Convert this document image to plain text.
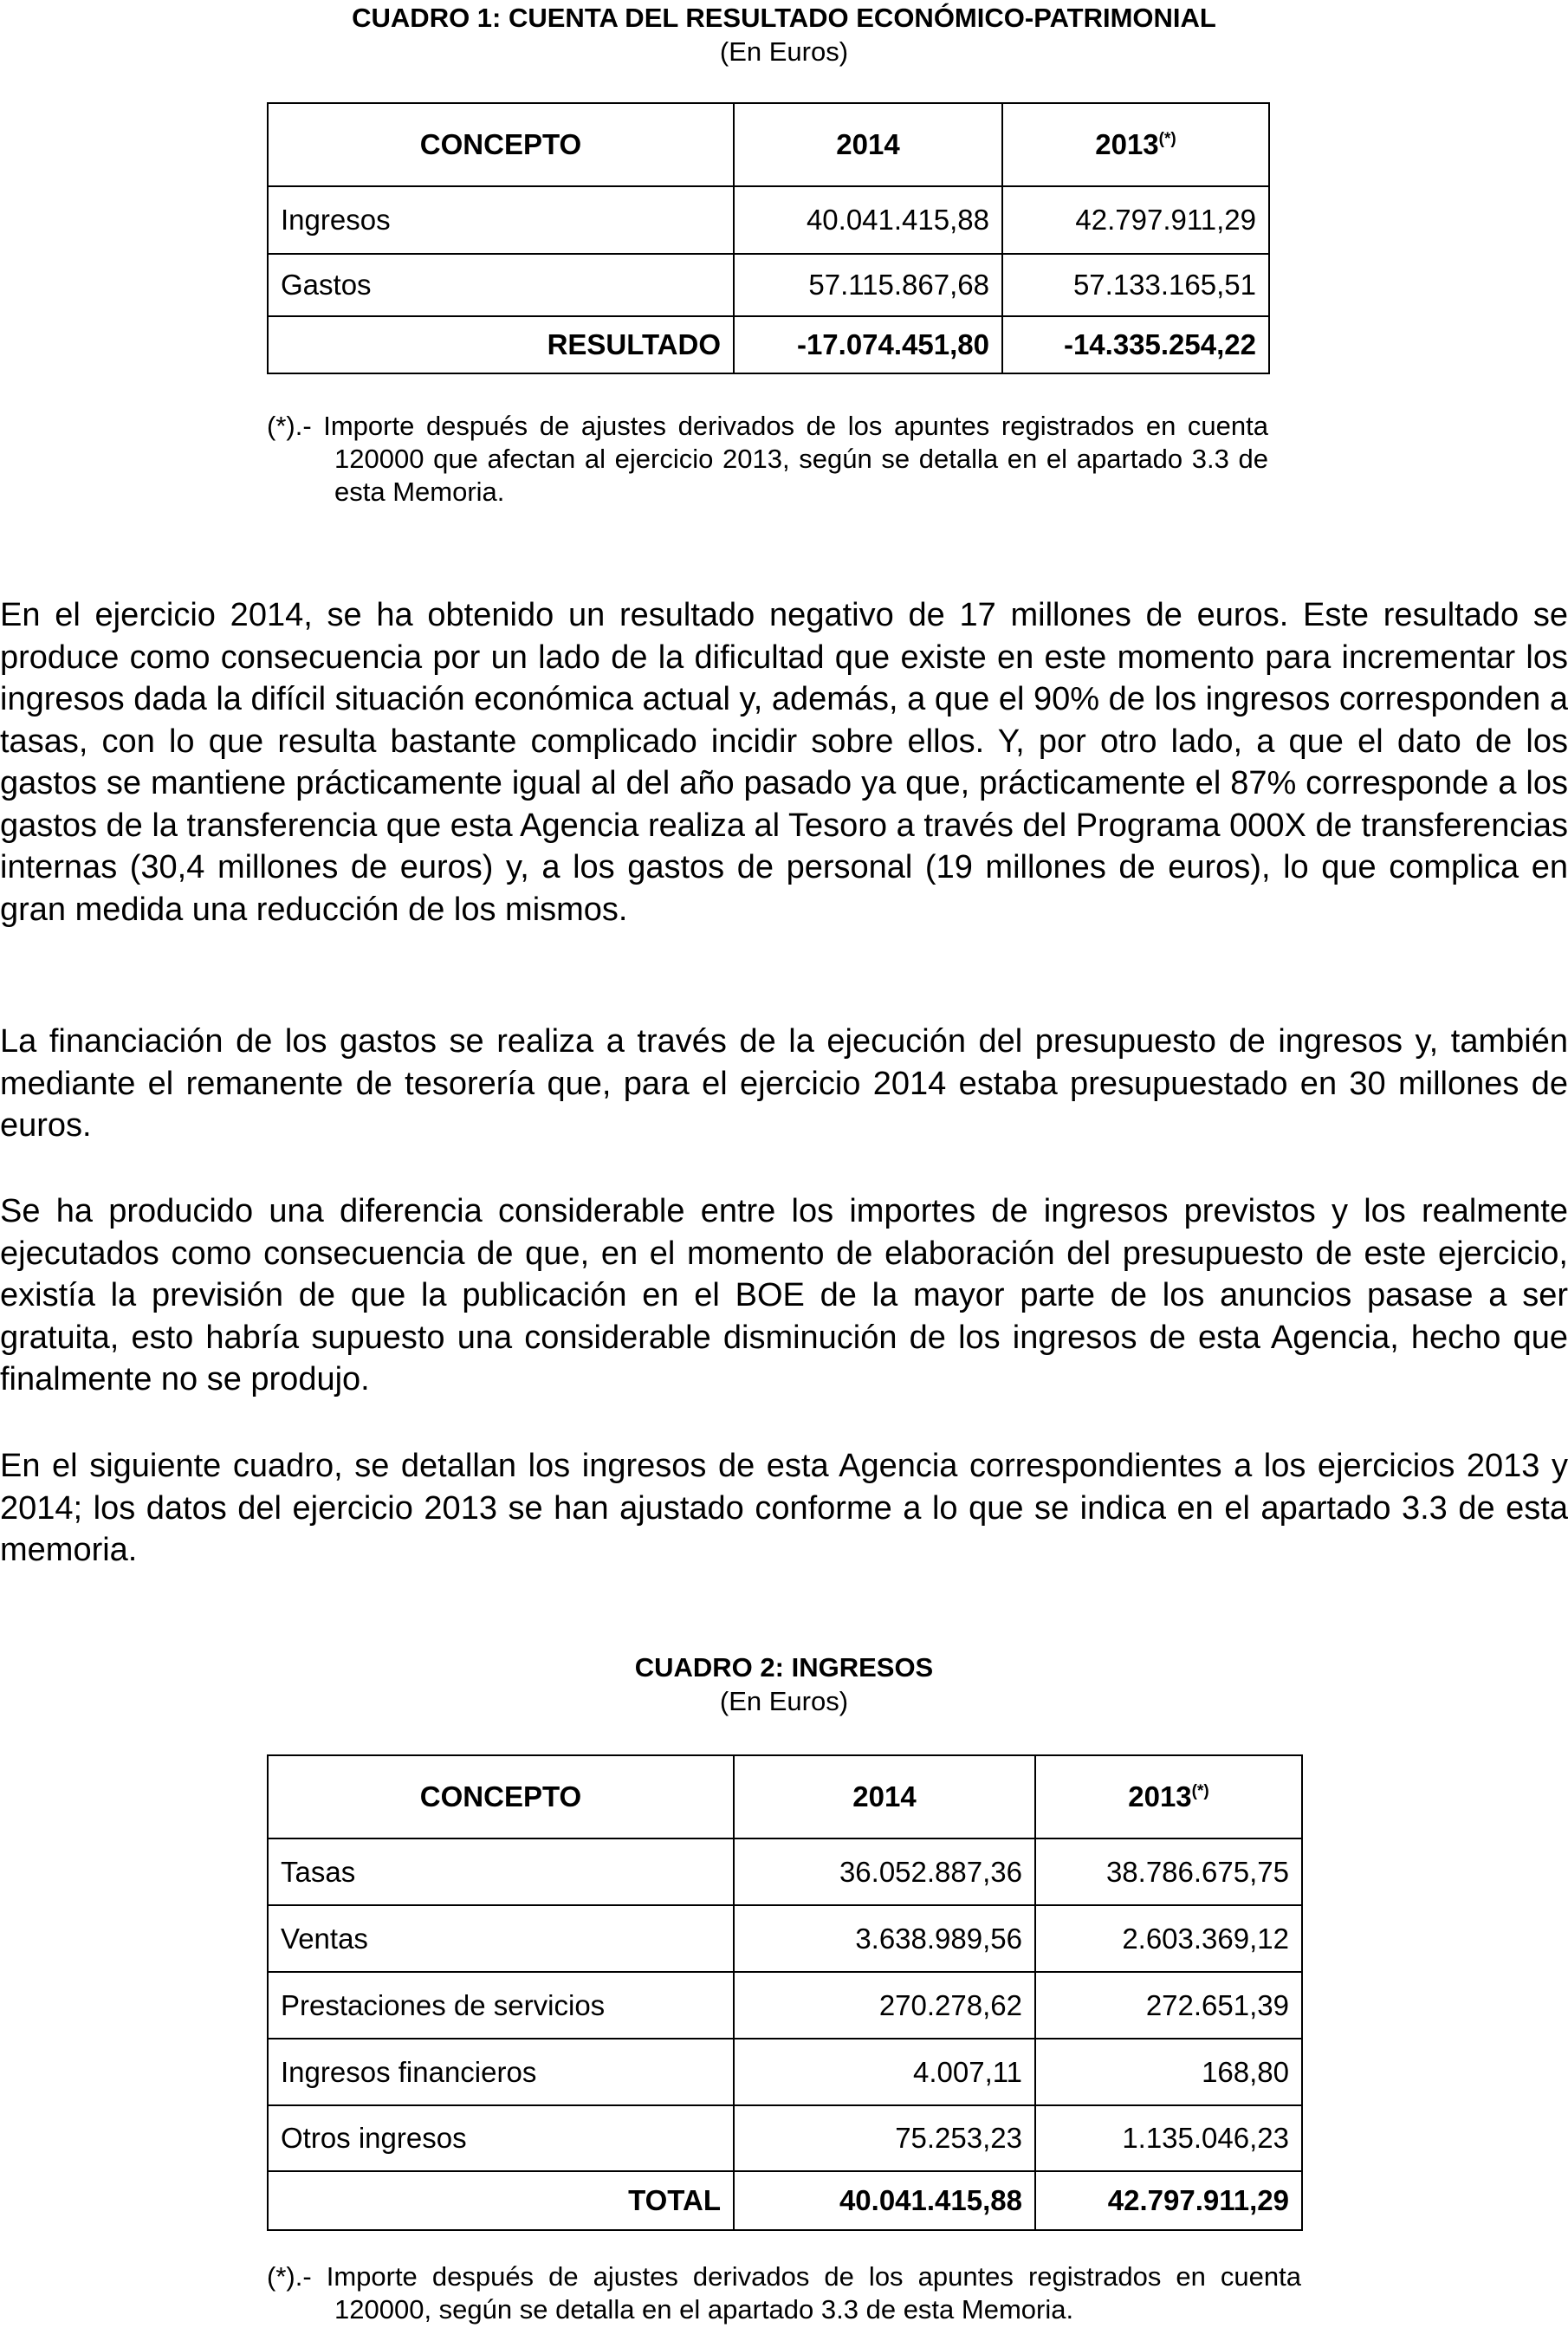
CUADRO 1: CUENTA DEL RESULTADO ECONÓMICO-PATRIMONIAL
(En Euros)
CONCEPTO	2014	2013(*)
Ingresos	40.041.415,88	42.797.911,29
Gastos	57.115.867,68	57.133.165,51
RESULTADO	-17.074.451,80	-14.335.254,22
(*).- Importe después de ajustes derivados de los apuntes registrados en cuenta 120000 que afectan al ejercicio 2013, según se detalla en el apartado 3.3 de esta Memoria.

En el ejercicio 2014, se ha obtenido un resultado negativo de 17 millones de euros. Este resultado se produce como consecuencia por un lado de la dificultad que existe en este momento para incrementar los ingresos dada la difícil situación económica actual y, además, a que el 90% de los ingresos corresponden a tasas, con lo que resulta bastante complicado incidir sobre ellos. Y, por otro lado, a que el dato de los gastos se mantiene prácticamente igual al del año pasado ya que, prácticamente el 87% corresponde a los gastos de la transferencia que esta Agencia realiza al Tesoro a través del Programa 000X de transferencias internas (30,4 millones de euros) y, a los gastos de personal (19 millones de euros), lo que complica en gran medida una reducción de los mismos.

La financiación de los gastos se realiza a través de la ejecución del presupuesto de ingresos y, también mediante el remanente de tesorería que, para el ejercicio 2014 estaba presupuestado en 30 millones de euros.

Se ha producido una diferencia considerable entre los importes de ingresos previstos y los realmente ejecutados como consecuencia de que, en el momento de elaboración del presupuesto de este ejercicio, existía la previsión de que la publicación en el BOE de la mayor parte de los anuncios pasase a ser gratuita, esto habría supuesto una considerable disminución de los ingresos de esta Agencia, hecho que finalmente no se produjo.

En el siguiente cuadro, se detallan los ingresos de esta Agencia correspondientes a los ejercicios 2013 y 2014; los datos del ejercicio 2013 se han ajustado conforme a lo que se indica en el apartado 3.3 de esta memoria.

CUADRO 2: INGRESOS
(En Euros)
CONCEPTO	2014	2013(*)
Tasas	36.052.887,36	38.786.675,75
Ventas	3.638.989,56	2.603.369,12
Prestaciones de servicios	270.278,62	272.651,39
Ingresos financieros	4.007,11	168,80
Otros ingresos	75.253,23	1.135.046,23
TOTAL	40.041.415,88	42.797.911,29
(*).- Importe después de ajustes derivados de los apuntes registrados en cuenta 120000, según se detalla en el apartado 3.3 de esta Memoria.
